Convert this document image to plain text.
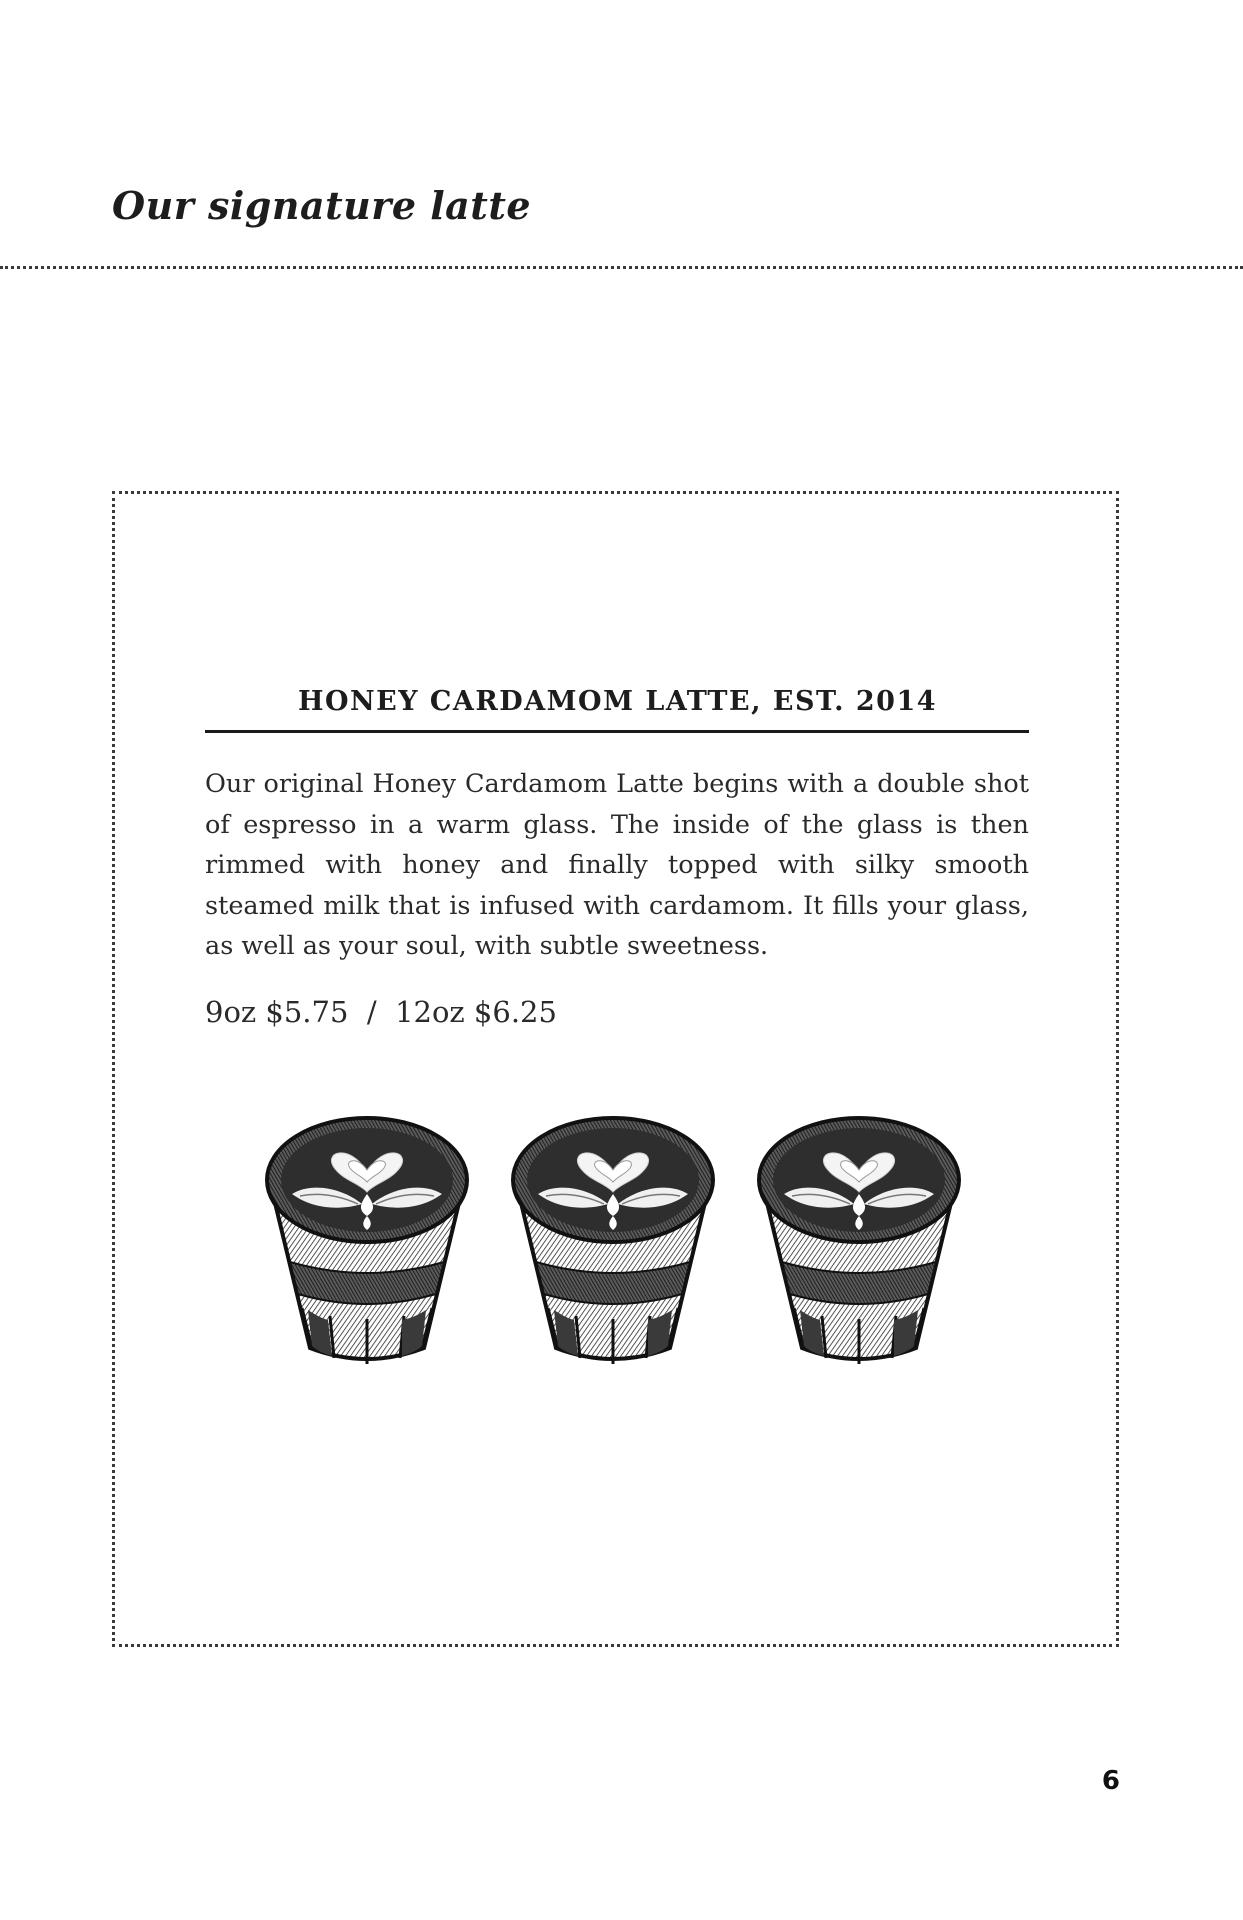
Our signature latte
HONEY CARDAMOM LATTE, EST. 2014

Our original Honey Cardamom Latte begins with a double shot of espresso in a warm glass. The inside of the glass is then rimmed with honey and finally topped with silky smooth steamed milk that is infused with cardamom. It fills your glass, as well as your soul, with subtle sweetness.

9oz $5.75  /  12oz $6.25

6
